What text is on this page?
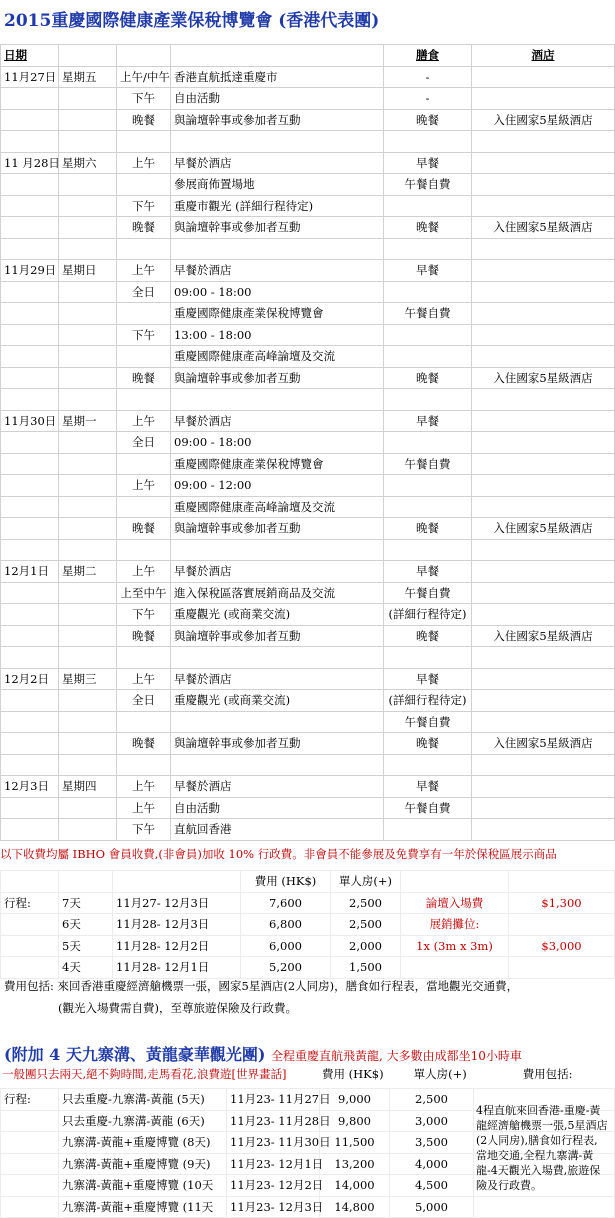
2015重慶國際健康產業保稅博覽會 (香港代表團)
日期				膳食	酒店
11月27日	星期五	上午/中午	香港直航抵達重慶市	-	
		下午	自由活動	-	
		晚餐	與論壇幹事或參加者互動	晚餐	入住國家5星級酒店

11 月28日	星期六	上午	早餐於酒店	早餐	
			參展商佈置場地	午餐自費	
		下午	重慶市觀光 (詳細行程待定)		
		晚餐	與論壇幹事或參加者互動	晚餐	入住國家5星級酒店

11月29日	星期日	上午	早餐於酒店	早餐	
		全日	09:00 - 18:00		
			重慶國際健康產業保稅博覽會	午餐自費	
		下午	13:00 - 18:00		
			重慶國際健康產高峰論壇及交流		
		晚餐	與論壇幹事或參加者互動	晚餐	入住國家5星級酒店

11月30日	星期一	上午	早餐於酒店	早餐	
		全日	09:00 - 18:00		
			重慶國際健康產業保稅博覽會	午餐自費	
		上午	09:00 - 12:00		
			重慶國際健康產高峰論壇及交流		
		晚餐	與論壇幹事或參加者互動	晚餐	入住國家5星級酒店

12月1日	星期二	上午	早餐於酒店	早餐	
		上至中午	進入保稅區落實展銷商品及交流	午餐自費	
		下午	重慶觀光 (或商業交流)	(詳細行程待定)	
		晚餐	與論壇幹事或參加者互動	晚餐	入住國家5星級酒店

12月2日	星期三	上午	早餐於酒店	早餐	
		全日	重慶觀光 (或商業交流)	(詳細行程待定)	
				午餐自費	
		晚餐	與論壇幹事或參加者互動	晚餐	入住國家5星級酒店

12月3日	星期四	上午	早餐於酒店	早餐	
		上午	自由活動	午餐自費	
		下午	直航回香港		
以下收費均屬 IBHO 會員收費,(非會員)加收 10% 行政費。非會員不能參展及免費享有一年於保稅區展示商品
			費用 (HK$)	單人房(+)		
行程:	7天	11月27- 12月3日	7,600	2,500	論壇入場費	$1,300
	6天	11月28- 12月3日	6,800	2,500	展銷攤位:	
	5天	11月28- 12月2日	6,000	2,000	1x (3m x 3m)	$3,000
	4天	11月28- 12月1日	5,200	1,500		
費用包括: 來回香港重慶經濟艙機票一張，國家5星酒店(2人同房)，膳食如行程表，當地觀光交通費，
(觀光入場費需自費)，至尊旅遊保險及行政費。
(附加 4 天九寨溝、黃龍豪華觀光團) 全程重慶直航飛黃龍, 大多數由成都坐10小時車
一般團只去兩天,絕不夠時間,走馬看花,浪費遊[世界畫話]
行程:	只去重慶-九寨溝-黃龍 (5天)	11月23- 11月27日	9,000	2,500	
	只去重慶-九寨溝-黃龍 (6天)	11月23- 11月28日	9,800	3,000	
	九寨溝-黃龍+重慶博覽 (8天)	11月23- 11月30日	11,500	3,500	
	九寨溝-黃龍+重慶博覽 (9天)	11月23- 12月1日	13,200	4,000	
	九寨溝-黃龍+重慶博覽 (10天	11月23- 12月2日	14,000	4,500	
	九寨溝-黃龍+重慶博覽 (11天	11月23- 12月3日	14,800	5,000	
費用 (HK$)	單人房(+)	費用包括:
4程直航來回香港-重慶-黃龍經濟艙機票一張,5星酒店(2人同房),膳食如行程表,當地交通,全程九寨溝-黃龍-4天觀光入場費,旅遊保險及行政費。
